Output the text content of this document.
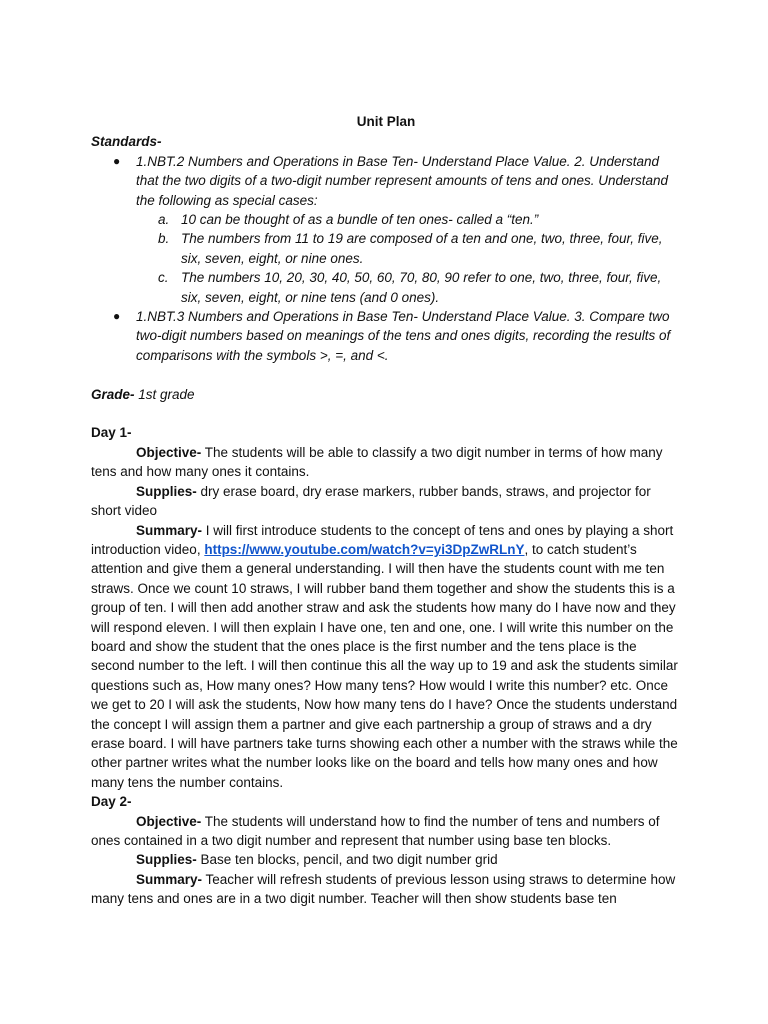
Unit Plan

Standards-

● 1.NBT.2 Numbers and Operations in Base Ten- Understand Place Value. 2. Understand that the two digits of a two-digit number represent amounts of tens and ones. Understand the following as special cases:
a. 10 can be thought of as a bundle of ten ones- called a “ten.”
b. The numbers from 11 to 19 are composed of a ten and one, two, three, four, five, six, seven, eight, or nine ones.
c. The numbers 10, 20, 30, 40, 50, 60, 70, 80, 90 refer to one, two, three, four, five, six, seven, eight, or nine tens (and 0 ones).
● 1.NBT.3 Numbers and Operations in Base Ten- Understand Place Value. 3. Compare two two-digit numbers based on meanings of the tens and ones digits, recording the results of comparisons with the symbols >, =, and <.

Grade- 1st grade

Day 1-

Objective- The students will be able to classify a two digit number in terms of how many tens and how many ones it contains.

Supplies- dry erase board, dry erase markers, rubber bands, straws, and projector for short video

Summary- I will first introduce students to the concept of tens and ones by playing a short introduction video, https://www.youtube.com/watch?v=yi3DpZwRLnY, to catch student’s attention and give them a general understanding. I will then have the students count with me ten straws. Once we count 10 straws, I will rubber band them together and show the students this is a group of ten. I will then add another straw and ask the students how many do I have now and they will respond eleven. I will then explain I have one, ten and one, one. I will write this number on the board and show the student that the ones place is the first number and the tens place is the second number to the left. I will then continue this all the way up to 19 and ask the students similar questions such as, How many ones? How many tens? How would I write this number? etc. Once we get to 20 I will ask the students, Now how many tens do I have? Once the students understand the concept I will assign them a partner and give each partnership a group of straws and a dry erase board. I will have partners take turns showing each other a number with the straws while the other partner writes what the number looks like on the board and tells how many ones and how many tens the number contains.

Day 2-

Objective- The students will understand how to find the number of tens and numbers of ones contained in a two digit number and represent that number using base ten blocks.

Supplies- Base ten blocks, pencil, and two digit number grid

Summary- Teacher will refresh students of previous lesson using straws to determine how many tens and ones are in a two digit number. Teacher will then show students base ten
